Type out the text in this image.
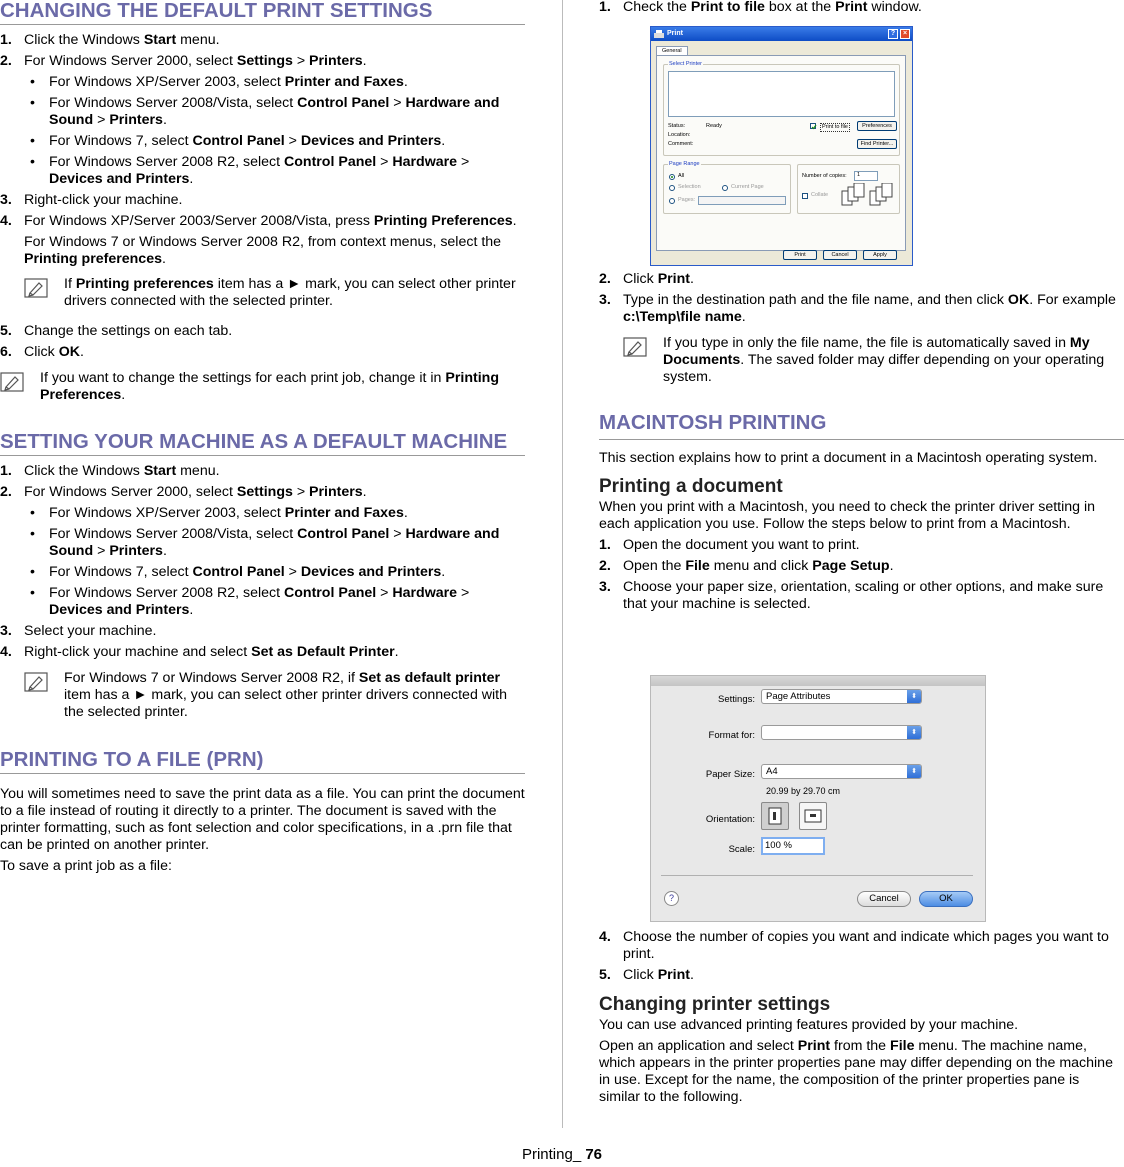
CHANGING THE DEFAULT PRINT SETTINGS
1. Click the Windows Start menu.
2. For Windows Server 2000, select Settings > Printers.
• For Windows XP/Server 2003, select Printer and Faxes.
• For Windows Server 2008/Vista, select Control Panel > Hardware and Sound > Printers.
• For Windows 7, select Control Panel > Devices and Printers.
• For Windows Server 2008 R2, select Control Panel > Hardware > Devices and Printers.
3. Right-click your machine.
4. For Windows XP/Server 2003/Server 2008/Vista, press Printing Preferences.
For Windows 7 or Windows Server 2008 R2, from context menus, select the Printing preferences.
If Printing preferences item has a ► mark, you can select other printer drivers connected with the selected printer.
5. Change the settings on each tab.
6. Click OK.
If you want to change the settings for each print job, change it in Printing Preferences.
SETTING YOUR MACHINE AS A DEFAULT MACHINE
1. Click the Windows Start menu.
2. For Windows Server 2000, select Settings > Printers.
• For Windows XP/Server 2003, select Printer and Faxes.
• For Windows Server 2008/Vista, select Control Panel > Hardware and Sound > Printers.
• For Windows 7, select Control Panel > Devices and Printers.
• For Windows Server 2008 R2, select Control Panel > Hardware > Devices and Printers.
3. Select your machine.
4. Right-click your machine and select Set as Default Printer.
For Windows 7 or Windows Server 2008 R2, if Set as default printer item has a ► mark, you can select other printer drivers connected with the selected printer.
PRINTING TO A FILE (PRN)

You will sometimes need to save the print data as a file. You can print the document to a file instead of routing it directly to a printer. The document is saved with the printer formatting, such as font selection and color specifications, in a .prn file that can be printed on another printer.

To save a print job as a file:

1. Check the Print to file box at the Print window.
Print	?	×
General
Select Printer
Status:	Ready
Location:
Comment:
Print to file	Preferences
Find Printer...
Page Range
All
Selection	Current Page
Pages:
Number of copies:	1
Collate
Print	Cancel	Apply
2. Click Print.
3. Type in the destination path and the file name, and then click OK. For example c:\Temp\file name.
If you type in only the file name, the file is automatically saved in My Documents. The saved folder may differ depending on your operating system.
MACINTOSH PRINTING

This section explains how to print a document in a Macintosh operating system.

Printing a document

When you print with a Macintosh, you need to check the printer driver setting in each application you use. Follow the steps below to print from a Macintosh.

1. Open the document you want to print.
2. Open the File menu and click Page Setup.
3. Choose your paper size, orientation, scaling or other options, and make sure that your machine is selected.
Settings:	Page Attributes	⬍
Format for:	⬍
Paper Size:	A4	⬍
20.99 by 29.70 cm
Orientation:
Scale:	100 %
?	Cancel	OK
4. Choose the number of copies you want and indicate which pages you want to print.
5. Click Print.
Changing printer settings

You can use advanced printing features provided by your machine.

Open an application and select Print from the File menu. The machine name, which appears in the printer properties pane may differ depending on the machine in use. Except for the name, the composition of the printer properties pane is similar to the following.

Printing_ 76
